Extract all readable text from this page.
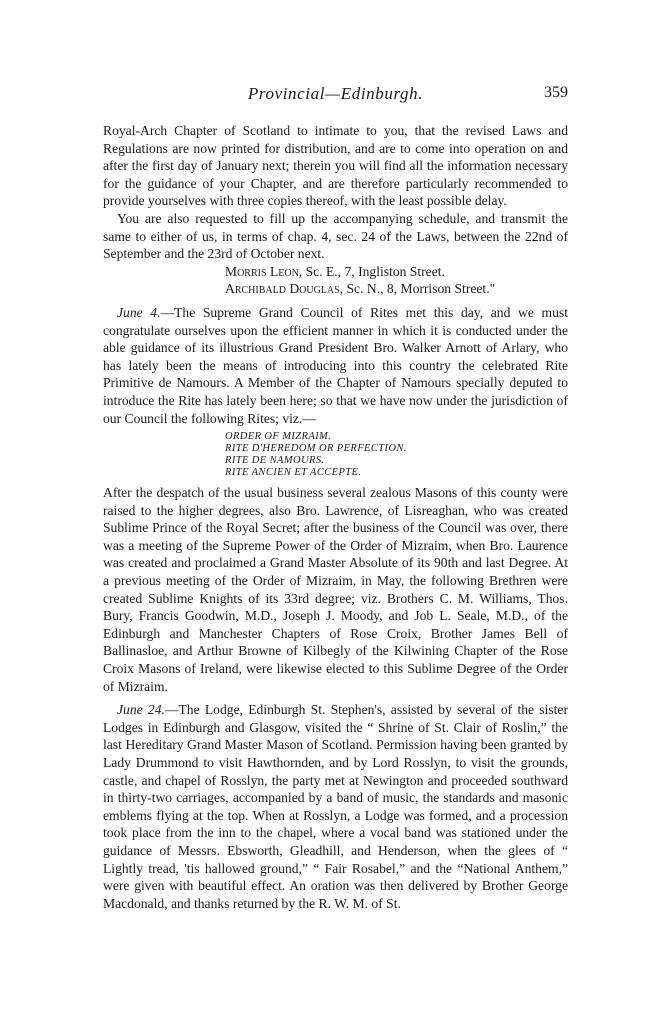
Provincial—Edinburgh.	359

Royal-Arch Chapter of Scotland to intimate to you, that the revised Laws and Regulations are now printed for distribution, and are to come into operation on and after the first day of January next; therein you will find all the information necessary for the guidance of your Chapter, and are therefore particularly recommended to provide yourselves with three copies thereof, with the least possible delay.

You are also requested to fill up the accompanying schedule, and transmit the same to either of us, in terms of chap. 4, sec. 24 of the Laws, between the 22nd of September and the 23rd of October next.

Morris Leon, Sc. E., 7, Ingliston Street.

Archibald Douglas, Sc. N., 8, Morrison Street."

June 4.—The Supreme Grand Council of Rites met this day, and we must congratulate ourselves upon the efficient manner in which it is conducted under the able guidance of its illustrious Grand President Bro. Walker Arnott of Arlary, who has lately been the means of introducing into this country the celebrated Rite Primitive de Namours. A Member of the Chapter of Namours specially deputed to introduce the Rite has lately been here; so that we have now under the jurisdiction of our Council the following Rites; viz.—

ORDER OF MIZRAIM.
RITE D'HEREDOM OR PERFECTION.
RITE DE NAMOURS.
RITE ANCIEN ET ACCEPTE.

After the despatch of the usual business several zealous Masons of this county were raised to the higher degrees, also Bro. Lawrence, of Lisreaghan, who was created Sublime Prince of the Royal Secret; after the business of the Council was over, there was a meeting of the Supreme Power of the Order of Mizraim, when Bro. Laurence was created and proclaimed a Grand Master Absolute of its 90th and last Degree. At a previous meeting of the Order of Mizraim, in May, the following Brethren were created Sublime Knights of its 33rd degree; viz. Brothers C. M. Williams, Thos. Bury, Francis Goodwin, M.D., Joseph J. Moody, and Job L. Seale, M.D., of the Edinburgh and Manchester Chapters of Rose Croix, Brother James Bell of Ballinasloe, and Arthur Browne of Kilbegly of the Kilwining Chapter of the Rose Croix Masons of Ireland, were likewise elected to this Sublime Degree of the Order of Mizraim.

June 24.—The Lodge, Edinburgh St. Stephen's, assisted by several of the sister Lodges in Edinburgh and Glasgow, visited the “ Shrine of St. Clair of Roslin,” the last Hereditary Grand Master Mason of Scotland. Permission having been granted by Lady Drummond to visit Hawthornden, and by Lord Rosslyn, to visit the grounds, castle, and chapel of Rosslyn, the party met at Newington and proceeded southward in thirty-two carriages, accompanied by a band of music, the standards and masonic emblems flying at the top. When at Rosslyn, a Lodge was formed, and a procession took place from the inn to the chapel, where a vocal band was stationed under the guidance of Messrs. Ebsworth, Gleadhill, and Henderson, when the glees of “ Lightly tread, 'tis hallowed ground,” “ Fair Rosabel,” and the “National Anthem,” were given with beautiful effect. An oration was then delivered by Brother George Macdonald, and thanks returned by the R. W. M. of St.
